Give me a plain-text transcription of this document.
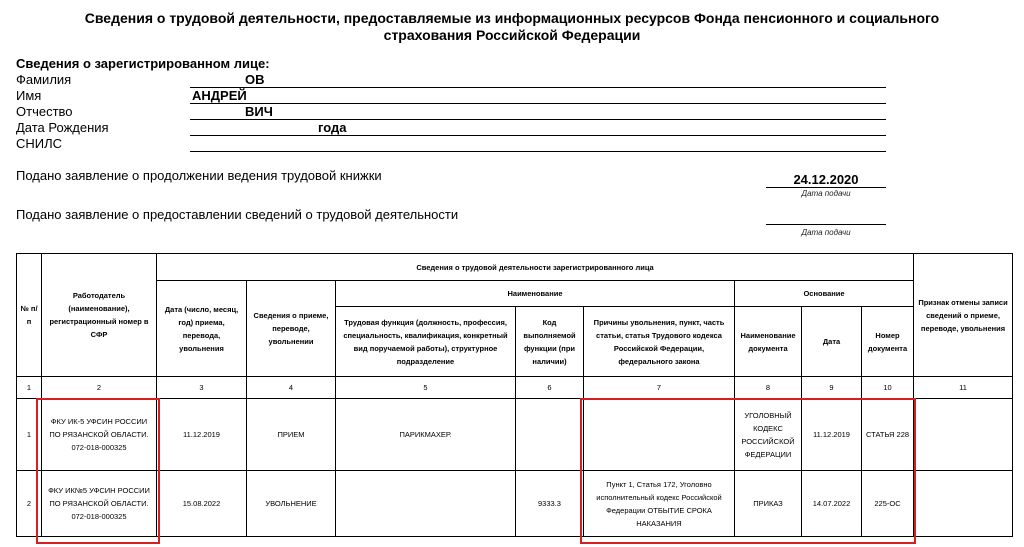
Сведения о трудовой деятельности, предоставляемые из информационных ресурсов Фонда пенсионного и социального
страхования Российской Федерации
Сведения о зарегистрированном лице:
Фамилия	ОВ
Имя	АНДРЕЙ
Отчество	ВИЧ
Дата Рождения	года
СНИЛС
Подано заявление о продолжении ведения трудовой книжки	24.12.2020
Дата подачи
Подано заявление о предоставлении сведений о трудовой деятельности
Дата подачи
№ п/п	Работодатель (наименование), регистрационный номер в СФР	Сведения о трудовой деятельности зарегистрированного лица								Признак отмены записи сведений о приеме, переводе, увольнения
		Дата (число, месяц, год) приема, перевода, увольнения	Сведения о приеме, переводе, увольнении	Наименование			Основание			
				Трудовая функция (должность, профессия, специальность, квалификация, конкретный вид поручаемой работы), структурное подразделение	Код выполняемой функции (при наличии)	Причины увольнения, пункт, часть статьи, статья Трудового кодекса Российской Федерации, федерального закона	Наименование документа	Дата	Номер документа	
1	2	3	4	5	6	7	8	9	10	11
1	ФКУ ИК-5 УФСИН РОССИИ ПО РЯЗАНСКОЙ ОБЛАСТИ. 072-018-000325	11.12.2019	ПРИЕМ	ПАРИКМАХЕР.			УГОЛОВНЫЙ КОДЕКС РОССИЙСКОЙ ФЕДЕРАЦИИ	11.12.2019	СТАТЬЯ 228	
2	ФКУ ИК№5 УФСИН РОССИИ ПО РЯЗАНСКОЙ ОБЛАСТИ. 072-018-000325	15.08.2022	УВОЛЬНЕНИЕ		9333.3	Пункт 1, Статья 172, Уголовно исполнительный кодекс Российской Федерации ОТБЫТИЕ СРОКА НАКАЗАНИЯ	ПРИКАЗ	14.07.2022	225-ОС	
